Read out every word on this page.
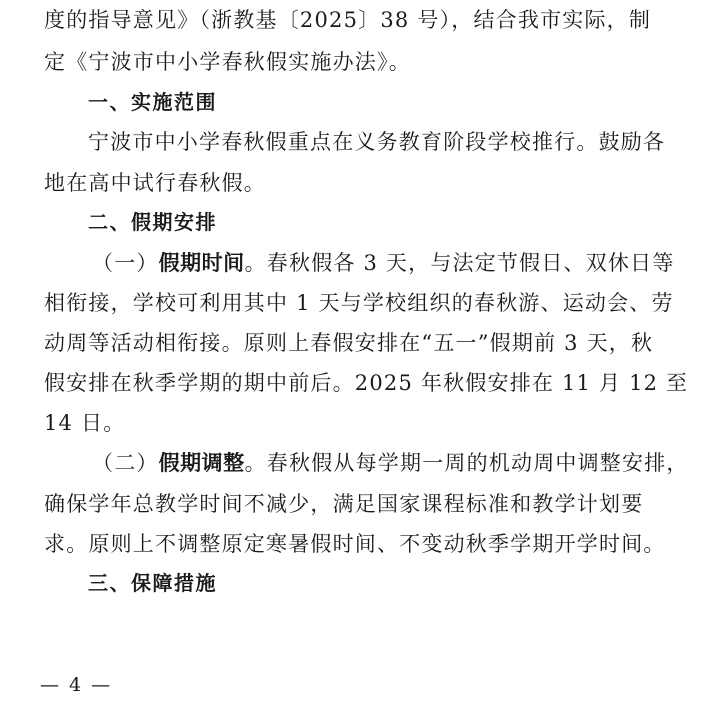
度的指导意见》（浙教基〔2025〕38 号），结合我市实际，制
定《宁波市中小学春秋假实施办法》。
一、实施范围
宁波市中小学春秋假重点在义务教育阶段学校推行。鼓励各
地在高中试行春秋假。
二、假期安排
（一）假期时间。春秋假各 3 天，与法定节假日、双休日等
相衔接，学校可利用其中 1 天与学校组织的春秋游、运动会、劳
动周等活动相衔接。原则上春假安排在“五一”假期前 3 天，秋
假安排在秋季学期的期中前后。2025 年秋假安排在 11 月 12 至
14 日。
（二）假期调整。春秋假从每学期一周的机动周中调整安排，
确保学年总教学时间不减少，满足国家课程标准和教学计划要
求。原则上不调整原定寒暑假时间、不变动秋季学期开学时间。
三、保障措施
— 4 —
